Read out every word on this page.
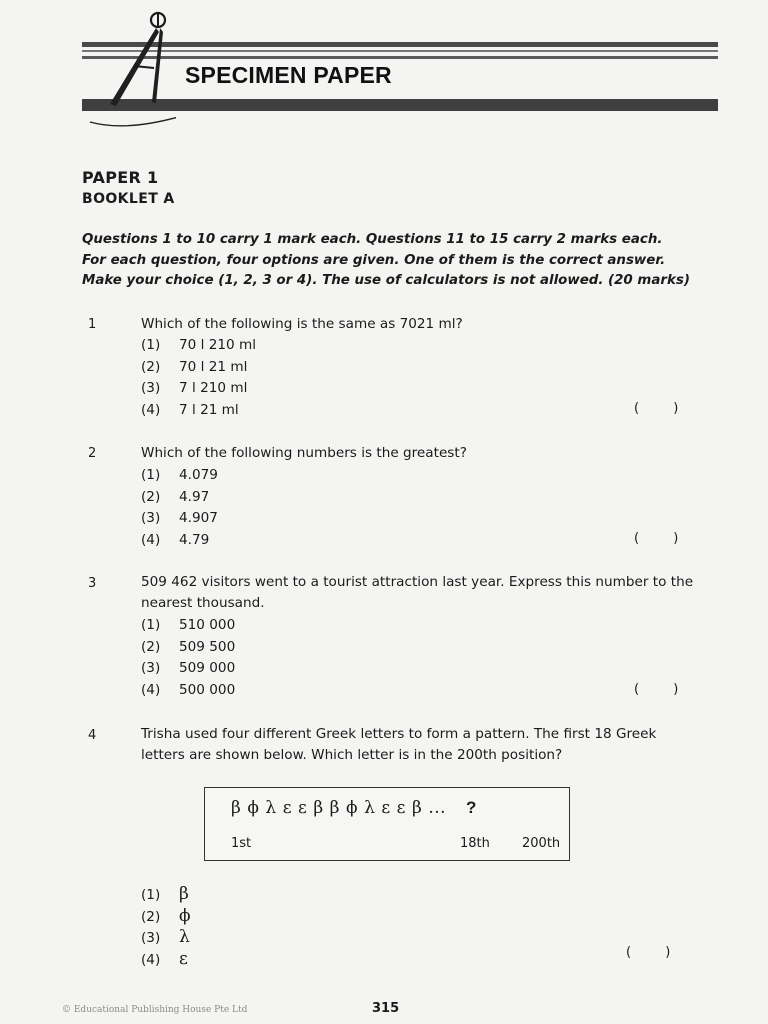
SPECIMEN PAPER
PAPER 1
BOOKLET A
Questions 1 to 10 carry 1 mark each. Questions 11 to 15 carry 2 marks each. For each question, four options are given. One of them is the correct answer. Make your choice (1, 2, 3 or 4). The use of calculators is not allowed. (20 marks)
1	Which of the following is the same as 7021 ml?
(1) 70 l 210 ml
(2) 70 l 21 ml
(3) 7 l 210 ml
(4) 7 l 21 ml	( )
2	Which of the following numbers is the greatest?
(1) 4.079
(2) 4.97
(3) 4.907
(4) 4.79	( )
3	509 462 visitors went to a tourist attraction last year. Express this number to the nearest thousand.
(1) 510 000
(2) 509 500
(3) 509 000
(4) 500 000	( )
4	Trisha used four different Greek letters to form a pattern. The first 18 Greek letters are shown below. Which letter is in the 200th position?
β ϕ λ ε ε β β ϕ λ ε ε β ... ?
1st	18th 200th
(1) β
(2) ϕ
(3) λ
(4) ε	( )
© Educational Publishing House Pte Ltd	315
